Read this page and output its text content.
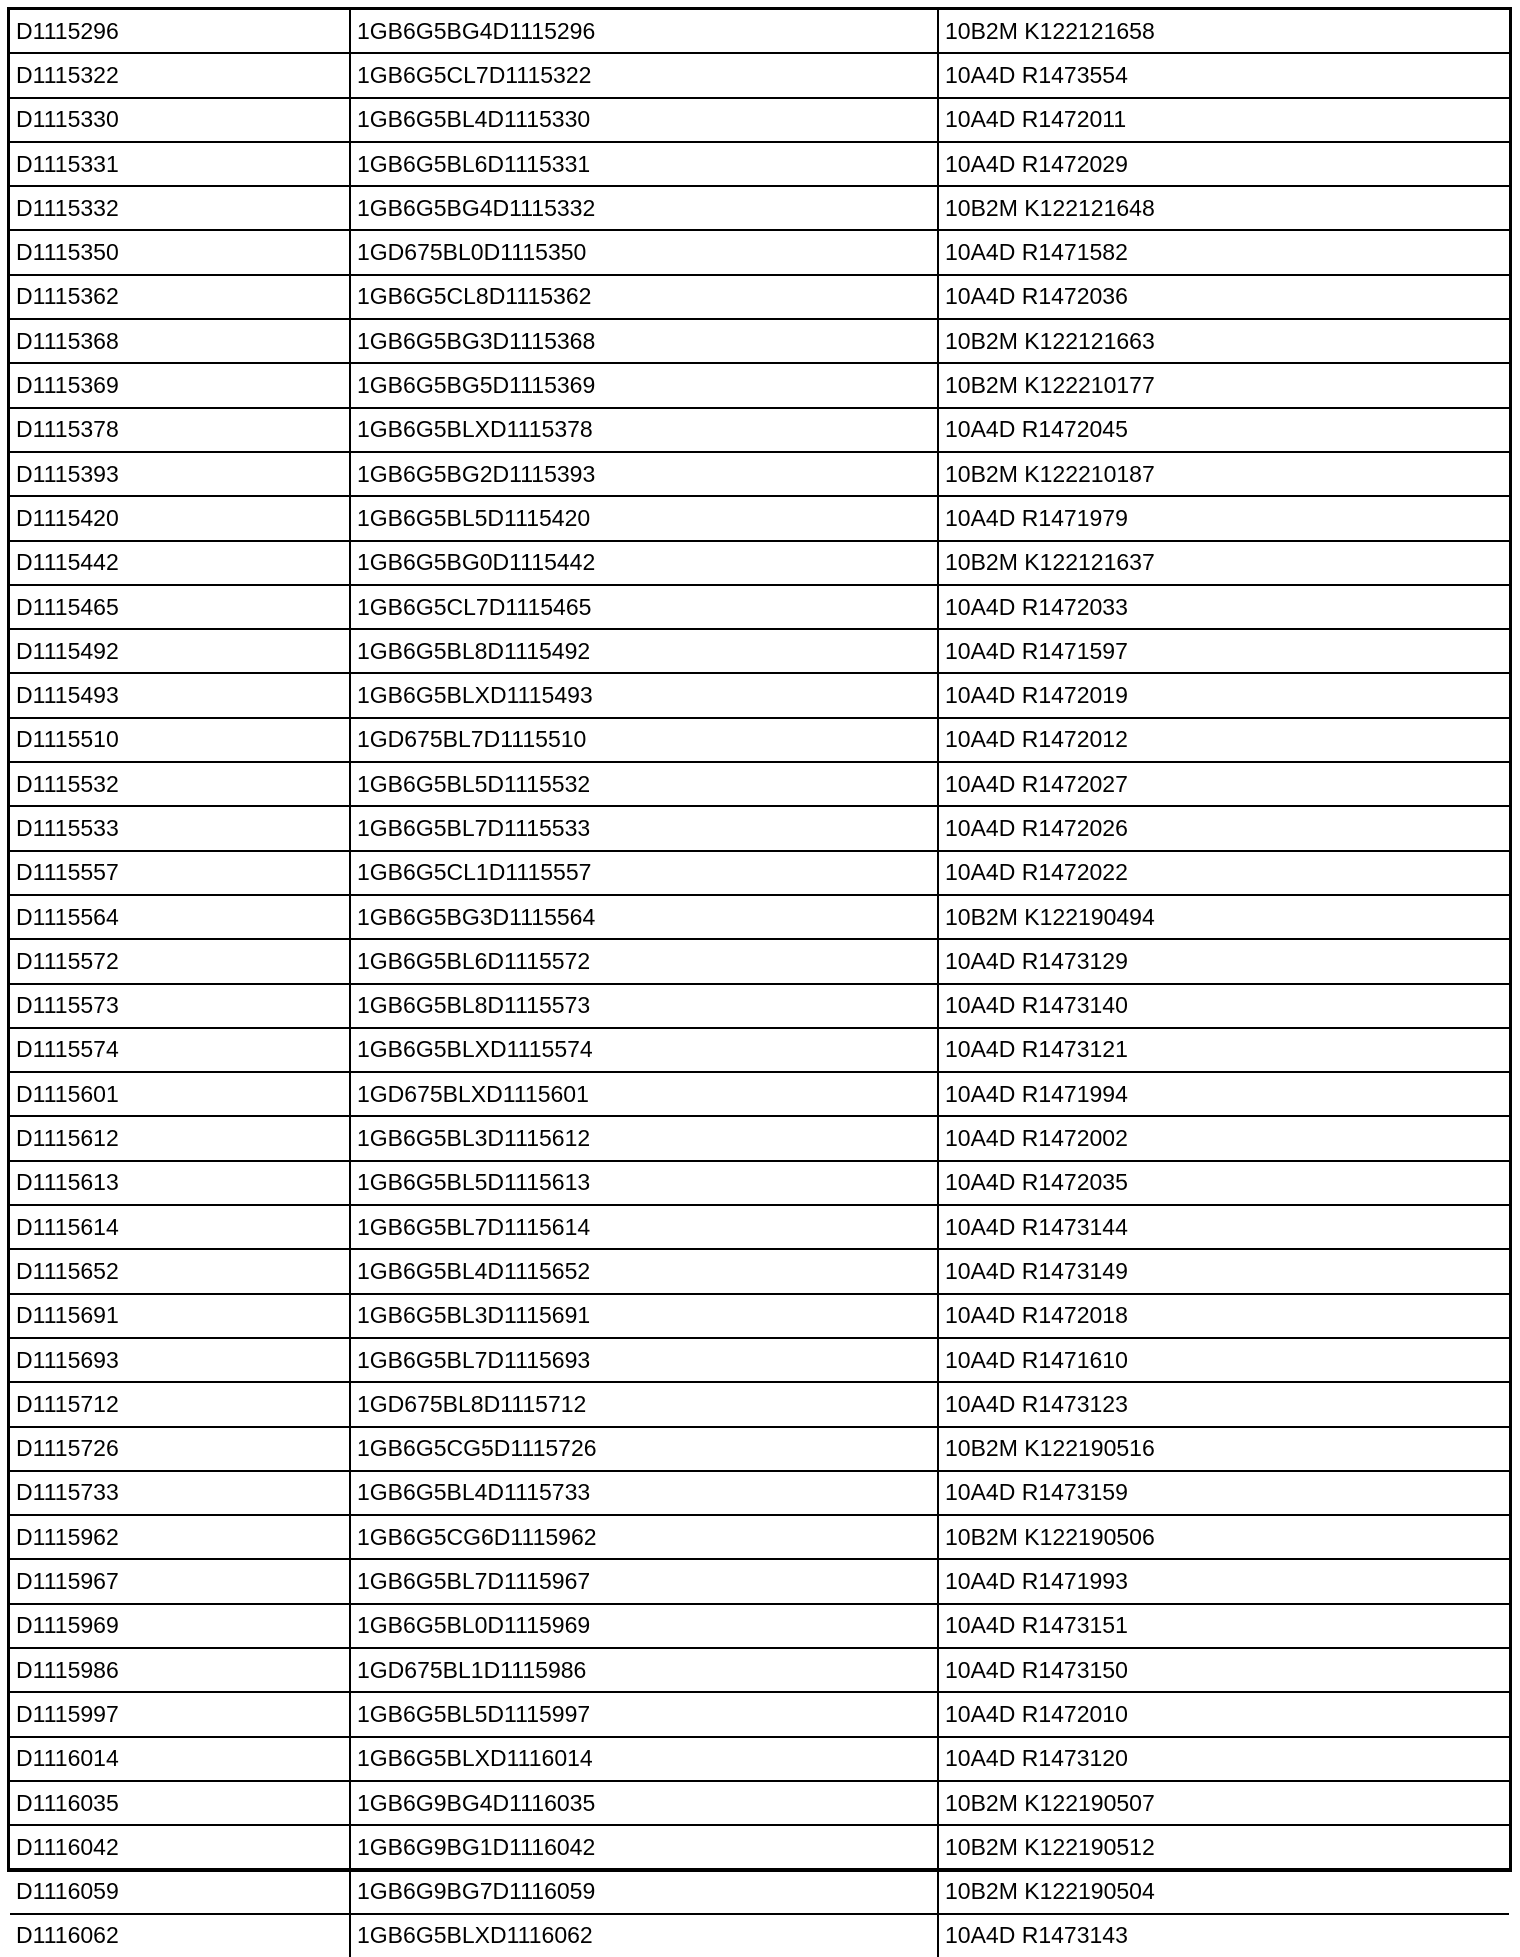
D1115296	1GB6G5BG4D1115296	10B2M K122121658
D1115322	1GB6G5CL7D1115322	10A4D R1473554
D1115330	1GB6G5BL4D1115330	10A4D R1472011
D1115331	1GB6G5BL6D1115331	10A4D R1472029
D1115332	1GB6G5BG4D1115332	10B2M K122121648
D1115350	1GD675BL0D1115350	10A4D R1471582
D1115362	1GB6G5CL8D1115362	10A4D R1472036
D1115368	1GB6G5BG3D1115368	10B2M K122121663
D1115369	1GB6G5BG5D1115369	10B2M K122210177
D1115378	1GB6G5BLXD1115378	10A4D R1472045
D1115393	1GB6G5BG2D1115393	10B2M K122210187
D1115420	1GB6G5BL5D1115420	10A4D R1471979
D1115442	1GB6G5BG0D1115442	10B2M K122121637
D1115465	1GB6G5CL7D1115465	10A4D R1472033
D1115492	1GB6G5BL8D1115492	10A4D R1471597
D1115493	1GB6G5BLXD1115493	10A4D R1472019
D1115510	1GD675BL7D1115510	10A4D R1472012
D1115532	1GB6G5BL5D1115532	10A4D R1472027
D1115533	1GB6G5BL7D1115533	10A4D R1472026
D1115557	1GB6G5CL1D1115557	10A4D R1472022
D1115564	1GB6G5BG3D1115564	10B2M K122190494
D1115572	1GB6G5BL6D1115572	10A4D R1473129
D1115573	1GB6G5BL8D1115573	10A4D R1473140
D1115574	1GB6G5BLXD1115574	10A4D R1473121
D1115601	1GD675BLXD1115601	10A4D R1471994
D1115612	1GB6G5BL3D1115612	10A4D R1472002
D1115613	1GB6G5BL5D1115613	10A4D R1472035
D1115614	1GB6G5BL7D1115614	10A4D R1473144
D1115652	1GB6G5BL4D1115652	10A4D R1473149
D1115691	1GB6G5BL3D1115691	10A4D R1472018
D1115693	1GB6G5BL7D1115693	10A4D R1471610
D1115712	1GD675BL8D1115712	10A4D R1473123
D1115726	1GB6G5CG5D1115726	10B2M K122190516
D1115733	1GB6G5BL4D1115733	10A4D R1473159
D1115962	1GB6G5CG6D1115962	10B2M K122190506
D1115967	1GB6G5BL7D1115967	10A4D R1471993
D1115969	1GB6G5BL0D1115969	10A4D R1473151
D1115986	1GD675BL1D1115986	10A4D R1473150
D1115997	1GB6G5BL5D1115997	10A4D R1472010
D1116014	1GB6G5BLXD1116014	10A4D R1473120
D1116035	1GB6G9BG4D1116035	10B2M K122190507
D1116042	1GB6G9BG1D1116042	10B2M K122190512
D1116059	1GB6G9BG7D1116059	10B2M K122190504
D1116062	1GB6G5BLXD1116062	10A4D R1473143
